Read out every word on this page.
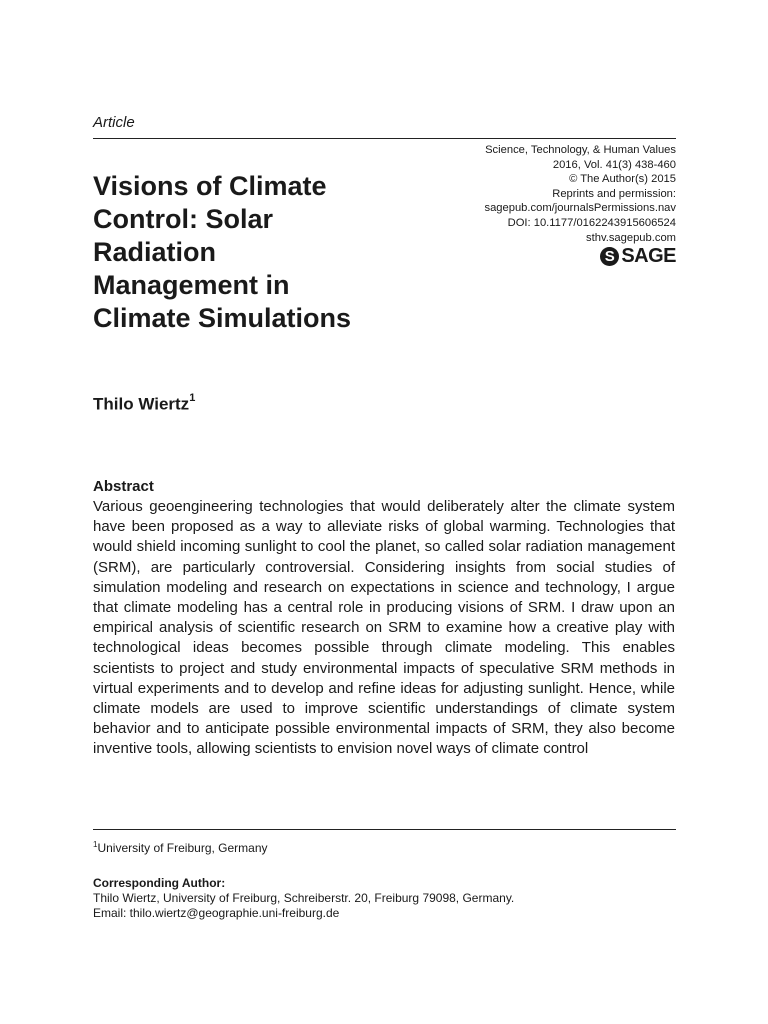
Article
Science, Technology, & Human Values
2016, Vol. 41(3) 438-460
© The Author(s) 2015
Reprints and permission:
sagepub.com/journalsPermissions.nav
DOI: 10.1177/0162243915606524
sthv.sagepub.com
S SAGE
Visions of Climate
Control: Solar
Radiation
Management in
Climate Simulations
Thilo Wiertz$^1$
Abstract

Various geoengineering technologies that would deliberately alter the climate system have been proposed as a way to alleviate risks of global warming. Technologies that would shield incoming sunlight to cool the planet, so called solar radiation management (SRM), are particularly controversial. Considering insights from social studies of simulation modeling and research on expectations in science and technology, I argue that climate modeling has a central role in producing visions of SRM. I draw upon an empirical analysis of scientific research on SRM to examine how a creative play with technological ideas becomes possible through climate modeling. This enables scientists to project and study environmental impacts of speculative SRM methods in virtual experiments and to develop and refine ideas for adjusting sunlight. Hence, while climate models are used to improve scientific understandings of climate system behavior and to anticipate possible environmental impacts of SRM, they also become inventive tools, allowing scientists to envision novel ways of climate control

$^1$University of Freiburg, Germany
Corresponding Author:
Thilo Wiertz, University of Freiburg, Schreiberstr. 20, Freiburg 79098, Germany.
Email: thilo.wiertz@geographie.uni-freiburg.de
